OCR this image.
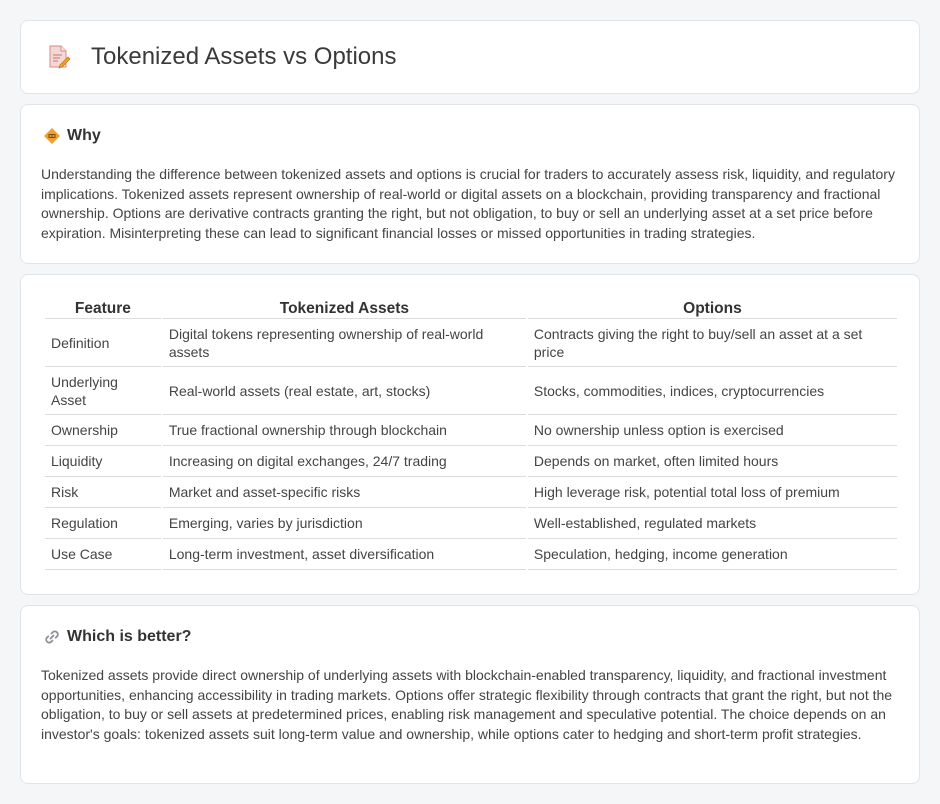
Tokenized Assets vs Options
Why

Understanding the difference between tokenized assets and options is crucial for traders to accurately assess risk, liquidity, and regulatory implications. Tokenized assets represent ownership of real-world or digital assets on a blockchain, providing transparency and fractional ownership. Options are derivative contracts granting the right, but not obligation, to buy or sell an underlying asset at a set price before expiration. Misinterpreting these can lead to significant financial losses or missed opportunities in trading strategies.

Feature	Tokenized Assets	Options
Definition	Digital tokens representing ownership of real-world assets	Contracts giving the right to buy/sell an asset at a set price
Underlying Asset	Real-world assets (real estate, art, stocks)	Stocks, commodities, indices, cryptocurrencies
Ownership	True fractional ownership through blockchain	No ownership unless option is exercised
Liquidity	Increasing on digital exchanges, 24/7 trading	Depends on market, often limited hours
Risk	Market and asset-specific risks	High leverage risk, potential total loss of premium
Regulation	Emerging, varies by jurisdiction	Well-established, regulated markets
Use Case	Long-term investment, asset diversification	Speculation, hedging, income generation
Which is better?

Tokenized assets provide direct ownership of underlying assets with blockchain-enabled transparency, liquidity, and fractional investment opportunities, enhancing accessibility in trading markets. Options offer strategic flexibility through contracts that grant the right, but not the obligation, to buy or sell assets at predetermined prices, enabling risk management and speculative potential. The choice depends on an investor's goals: tokenized assets suit long-term value and ownership, while options cater to hedging and short-term profit strategies.
